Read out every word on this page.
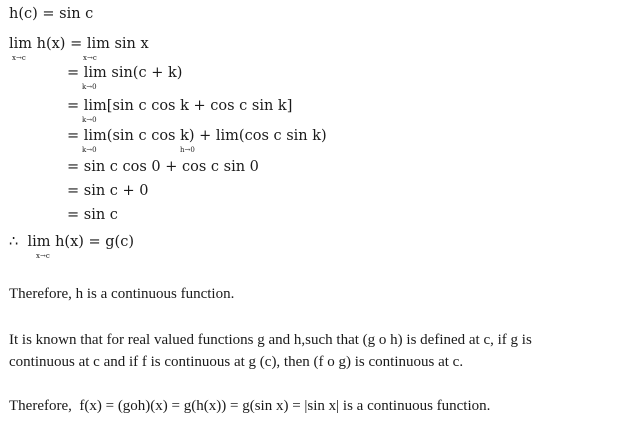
h(c) = sin c

lim h(x) = lim sin x

x→c

	x→c

= lim sin(c + k)

k→0

= lim[sin c cos k + cos c sin k]

k→0

= lim(sin c cos k) + lim(cos c sin k)

k→0

	h→0

= sin c cos 0 + cos c sin 0

= sin c + 0

= sin c

∴  lim h(x) = g(c)

x→c

Therefore, h is a continuous function.
It is known that for real valued functions g and h,such that (g o h) is defined at c, if g is
continuous at c and if f is continuous at g (c), then (f o g) is continuous at c.
Therefore,  f(x) = (goh)(x) = g(h(x)) = g(sin x) = |sin x| is a continuous function.
